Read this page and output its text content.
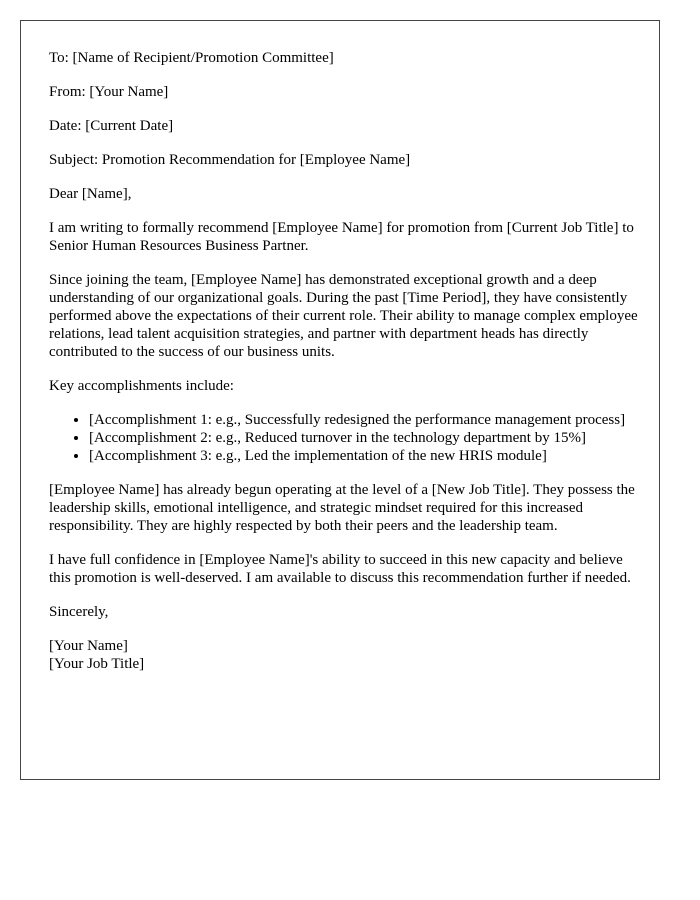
To: [Name of Recipient/Promotion Committee]

From: [Your Name]

Date: [Current Date]

Subject: Promotion Recommendation for [Employee Name]

Dear [Name],

I am writing to formally recommend [Employee Name] for promotion from [Current Job Title] to Senior Human Resources Business Partner.

Since joining the team, [Employee Name] has demonstrated exceptional growth and a deep understanding of our organizational goals. During the past [Time Period], they have consistently performed above the expectations of their current role. Their ability to manage complex employee relations, lead talent acquisition strategies, and partner with department heads has directly contributed to the success of our business units.

Key accomplishments include:

• [Accomplishment 1: e.g., Successfully redesigned the performance management process]
• [Accomplishment 2: e.g., Reduced turnover in the technology department by 15%]
• [Accomplishment 3: e.g., Led the implementation of the new HRIS module]

[Employee Name] has already begun operating at the level of a [New Job Title]. They possess the leadership skills, emotional intelligence, and strategic mindset required for this increased responsibility. They are highly respected by both their peers and the leadership team.

I have full confidence in [Employee Name]'s ability to succeed in this new capacity and believe this promotion is well-deserved. I am available to discuss this recommendation further if needed.

Sincerely,

[Your Name]
[Your Job Title]
